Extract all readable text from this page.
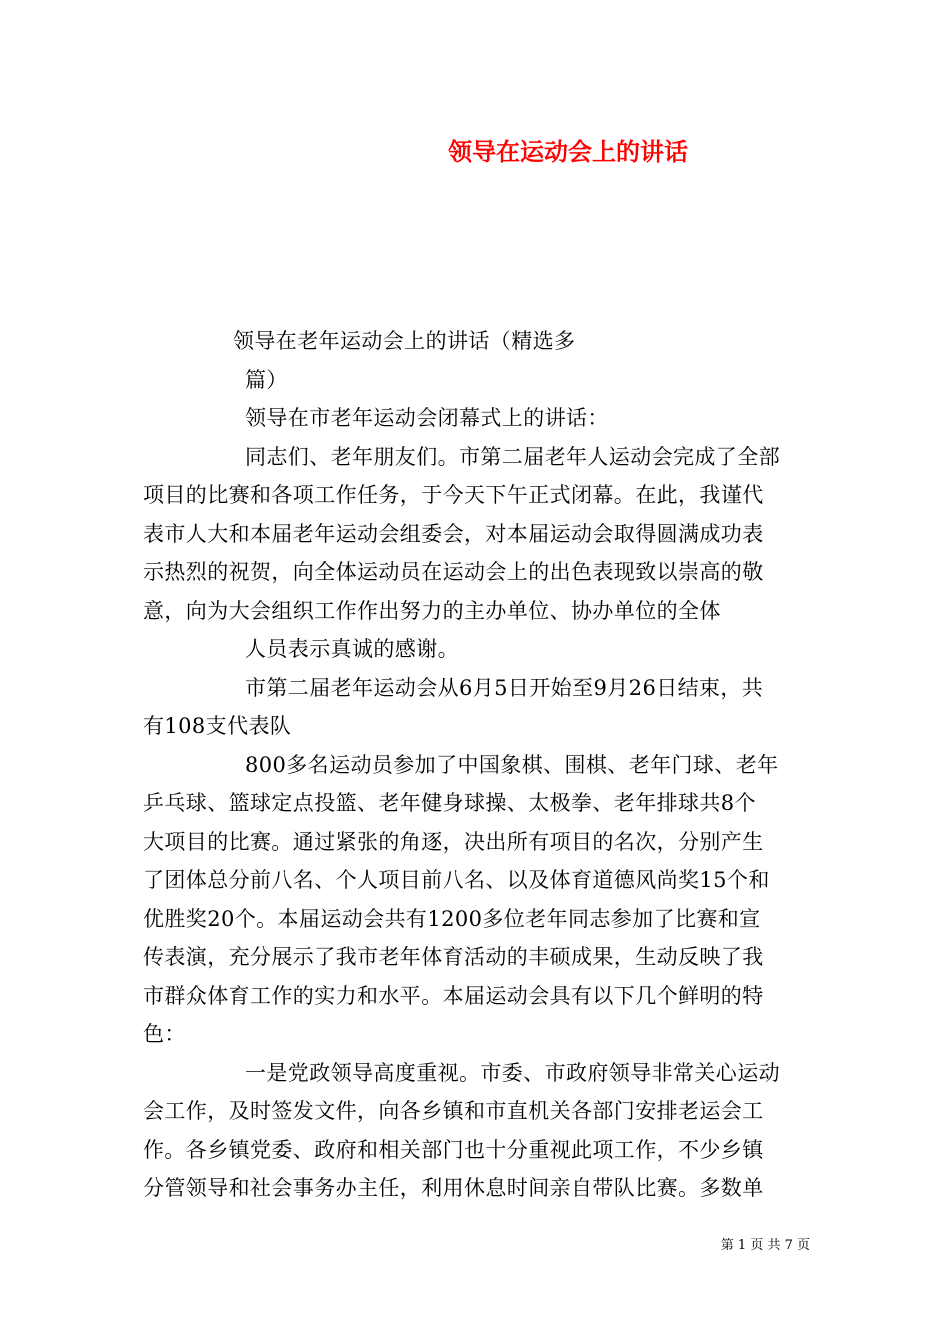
领导在运动会上的讲话
领导在老年运动会上的讲话（精选多
篇）
领导在市老年运动会闭幕式上的讲话：
同志们、老年朋友们。市第二届老年人运动会完成了全部
项目的比赛和各项工作任务，于今天下午正式闭幕。在此，我谨代
表市人大和本届老年运动会组委会，对本届运动会取得圆满成功表
示热烈的祝贺，向全体运动员在运动会上的出色表现致以崇高的敬
意，向为大会组织工作作出努力的主办单位、协办单位的全体
人员表示真诚的感谢。
市第二届老年运动会从6月5日开始至9月26日结束，共
有108支代表队
800多名运动员参加了中国象棋、围棋、老年门球、老年
乒乓球、篮球定点投篮、老年健身球操、太极拳、老年排球共8个
大项目的比赛。通过紧张的角逐，决出所有项目的名次，分别产生
了团体总分前八名、个人项目前八名、以及体育道德风尚奖15个和
优胜奖20个。本届运动会共有1200多位老年同志参加了比赛和宣
传表演，充分展示了我市老年体育活动的丰硕成果，生动反映了我
市群众体育工作的实力和水平。本届运动会具有以下几个鲜明的特
色：
一是党政领导高度重视。市委、市政府领导非常关心运动
会工作，及时签发文件，向各乡镇和市直机关各部门安排老运会工
作。各乡镇党委、政府和相关部门也十分重视此项工作，不少乡镇
分管领导和社会事务办主任，利用休息时间亲自带队比赛。多数单
第 1 页 共 7 页
